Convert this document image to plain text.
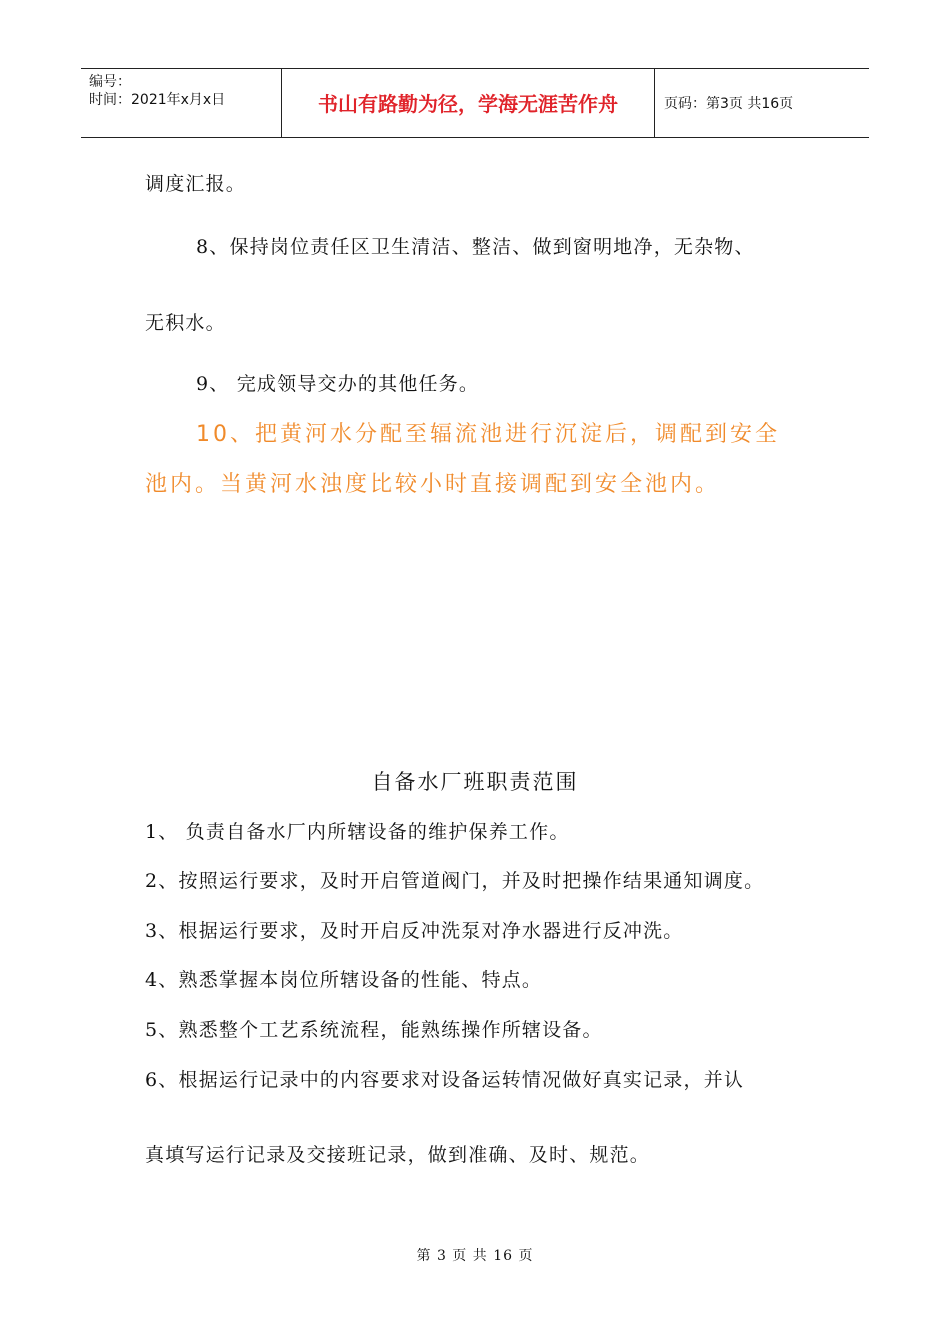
编号：
时间：2021年x月x日	书山有路勤为径，学海无涯苦作舟	页码：第3页 共16页
调度汇报。
8、保持岗位责任区卫生清洁、整洁、做到窗明地净，无杂物、
无积水。
9、 完成领导交办的其他任务。
10、把黄河水分配至辐流池进行沉淀后，调配到安全
池内。当黄河水浊度比较小时直接调配到安全池内。
自备水厂班职责范围
1、 负责自备水厂内所辖设备的维护保养工作。
2、按照运行要求，及时开启管道阀门，并及时把操作结果通知调度。
3、根据运行要求，及时开启反冲洗泵对净水器进行反冲洗。
4、熟悉掌握本岗位所辖设备的性能、特点。
5、熟悉整个工艺系统流程，能熟练操作所辖设备。
6、根据运行记录中的内容要求对设备运转情况做好真实记录，并认
真填写运行记录及交接班记录，做到准确、及时、规范。
第 3 页 共 16 页
